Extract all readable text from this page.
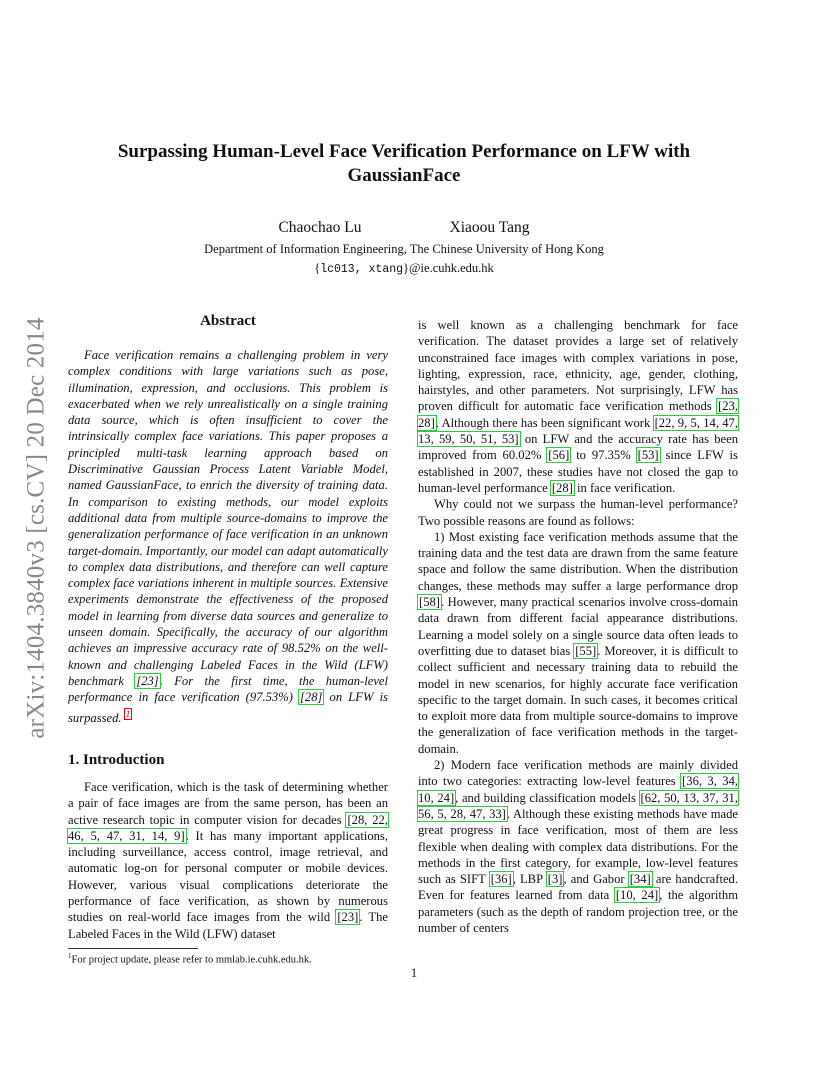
arXiv:1404.3840v3 [cs.CV] 20 Dec 2014
Surpassing Human-Level Face Verification Performance on LFW with GaussianFace
Chaochao Lu	Xiaoou Tang
Department of Information Engineering, The Chinese University of Hong Kong
{lc013, xtang}@ie.cuhk.edu.hk
Abstract

Face verification remains a challenging problem in very complex conditions with large variations such as pose, illumination, expression, and occlusions. This problem is exacerbated when we rely unrealistically on a single training data source, which is often insufficient to cover the intrinsically complex face variations. This paper proposes a principled multi-task learning approach based on Discriminative Gaussian Process Latent Variable Model, named GaussianFace, to enrich the diversity of training data. In comparison to existing methods, our model exploits additional data from multiple source-domains to improve the generalization performance of face verification in an unknown target-domain. Importantly, our model can adapt automatically to complex data distributions, and therefore can well capture complex face variations inherent in multiple sources. Extensive experiments demonstrate the effectiveness of the proposed model in learning from diverse data sources and generalize to unseen domain. Specifically, the accuracy of our algorithm achieves an impressive accuracy rate of 98.52% on the well-known and challenging Labeled Faces in the Wild (LFW) benchmark [23]. For the first time, the human-level performance in face verification (97.53%) [28] on LFW is surpassed. $^1$

1. Introduction

Face verification, which is the task of determining whether a pair of face images are from the same person, has been an active research topic in computer vision for decades [28, 22, 46, 5, 47, 31, 14, 9]. It has many important applications, including surveillance, access control, image retrieval, and automatic log-on for personal computer or mobile devices. However, various visual complications deteriorate the performance of face verification, as shown by numerous studies on real-world face images from the wild [23]. The Labeled Faces in the Wild (LFW) dataset

is well known as a challenging benchmark for face verification. The dataset provides a large set of relatively unconstrained face images with complex variations in pose, lighting, expression, race, ethnicity, age, gender, clothing, hairstyles, and other parameters. Not surprisingly, LFW has proven difficult for automatic face verification methods [23, 28]. Although there has been significant work [22, 9, 5, 14, 47, 13, 59, 50, 51, 53] on LFW and the accuracy rate has been improved from 60.02% [56] to 97.35% [53] since LFW is established in 2007, these studies have not closed the gap to human-level performance [28] in face verification.

Why could not we surpass the human-level performance? Two possible reasons are found as follows:

1) Most existing face verification methods assume that the training data and the test data are drawn from the same feature space and follow the same distribution. When the distribution changes, these methods may suffer a large performance drop [58]. However, many practical scenarios involve cross-domain data drawn from different facial appearance distributions. Learning a model solely on a single source data often leads to overfitting due to dataset bias [55]. Moreover, it is difficult to collect sufficient and necessary training data to rebuild the model in new scenarios, for highly accurate face verification specific to the target domain. In such cases, it becomes critical to exploit more data from multiple source-domains to improve the generalization of face verification methods in the target-domain.

2) Modern face verification methods are mainly divided into two categories: extracting low-level features [36, 3, 34, 10, 24], and building classification models [62, 50, 13, 37, 31, 56, 5, 28, 47, 33]. Although these existing methods have made great progress in face verification, most of them are less flexible when dealing with complex data distributions. For the methods in the first category, for example, low-level features such as SIFT [36], LBP [3], and Gabor [34] are handcrafted. Even for features learned from data [10, 24], the algorithm parameters (such as the depth of random projection tree, or the number of centers

$^1$For project update, please refer to mmlab.ie.cuhk.edu.hk.
1
